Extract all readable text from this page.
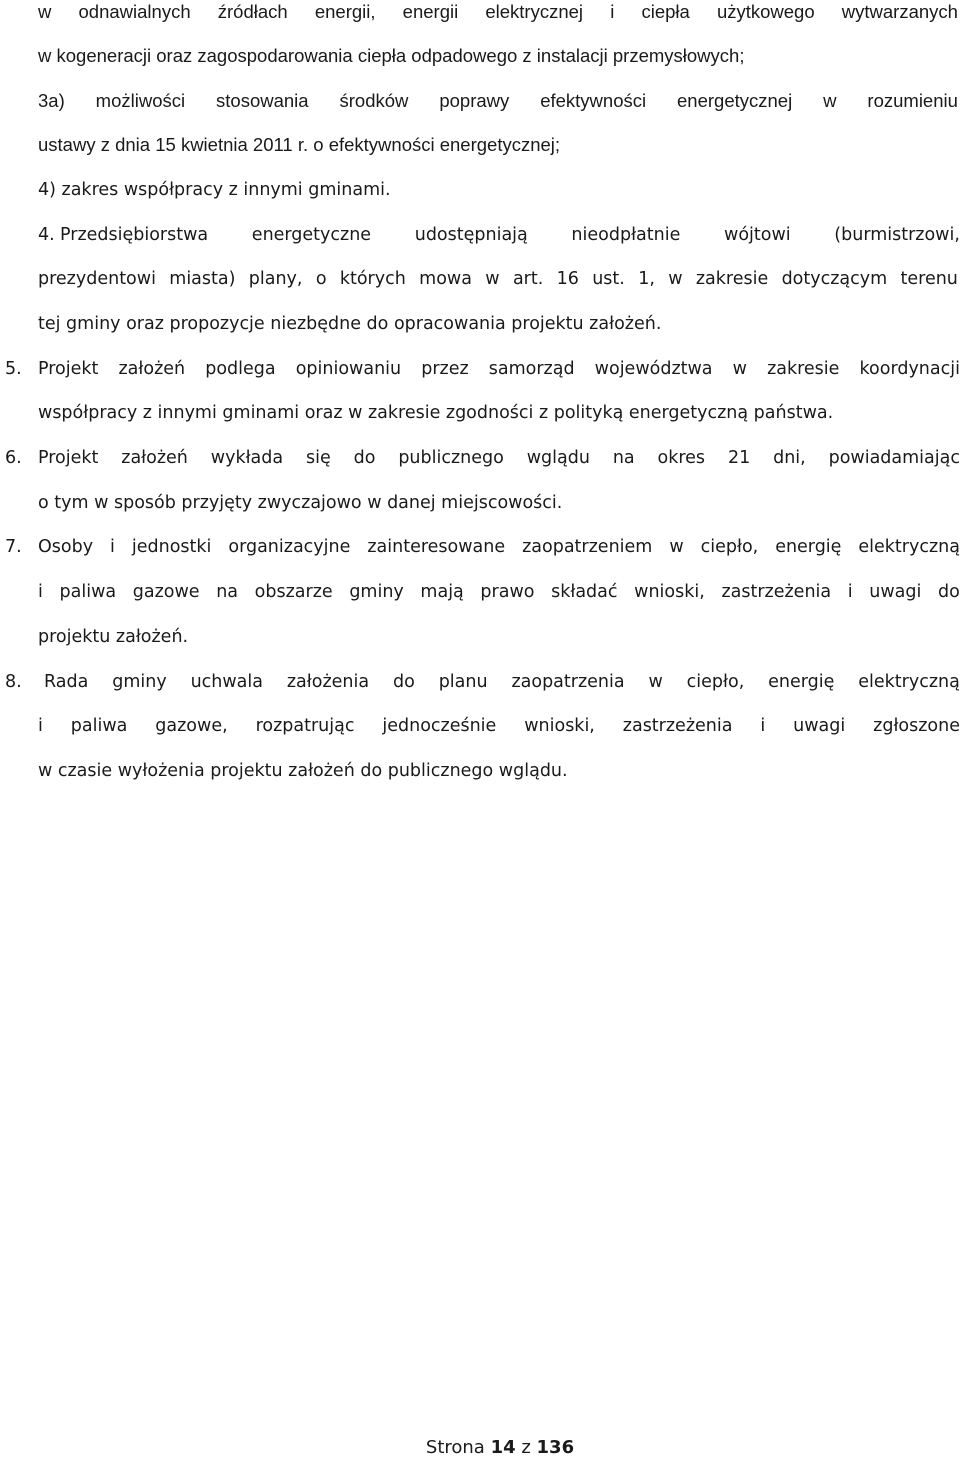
w odnawialnych źródłach energii, energii elektrycznej i ciepła użytkowego wytwarzanych
w kogeneracji oraz zagospodarowania ciepła odpadowego z instalacji przemysłowych;
3a) możliwości stosowania środków poprawy efektywności energetycznej w rozumieniu
ustawy z dnia 15 kwietnia 2011 r. o efektywności energetycznej;
4) zakres współpracy z innymi gminami.
4. Przedsiębiorstwa energetyczne udostępniają nieodpłatnie wójtowi (burmistrzowi,
prezydentowi miasta) plany, o których mowa w art. 16 ust. 1, w zakresie dotyczącym terenu
tej gminy oraz propozycje niezbędne do opracowania projektu założeń.
5. Projekt założeń podlega opiniowaniu przez samorząd województwa w zakresie koordynacji
współpracy z innymi gminami oraz w zakresie zgodności z polityką energetyczną państwa.
6. Projekt założeń wykłada się do publicznego wglądu na okres 21 dni, powiadamiając
o tym w sposób przyjęty zwyczajowo w danej miejscowości.
7. Osoby i jednostki organizacyjne zainteresowane zaopatrzeniem w ciepło, energię elektryczną
i paliwa gazowe na obszarze gminy mają prawo składać wnioski, zastrzeżenia i uwagi do
projektu założeń.
8. Rada gminy uchwala założenia do planu zaopatrzenia w ciepło, energię elektryczną
i paliwa gazowe, rozpatrując jednocześnie wnioski, zastrzeżenia i uwagi zgłoszone
w czasie wyłożenia projektu założeń do publicznego wglądu.
Strona 14 z 136
